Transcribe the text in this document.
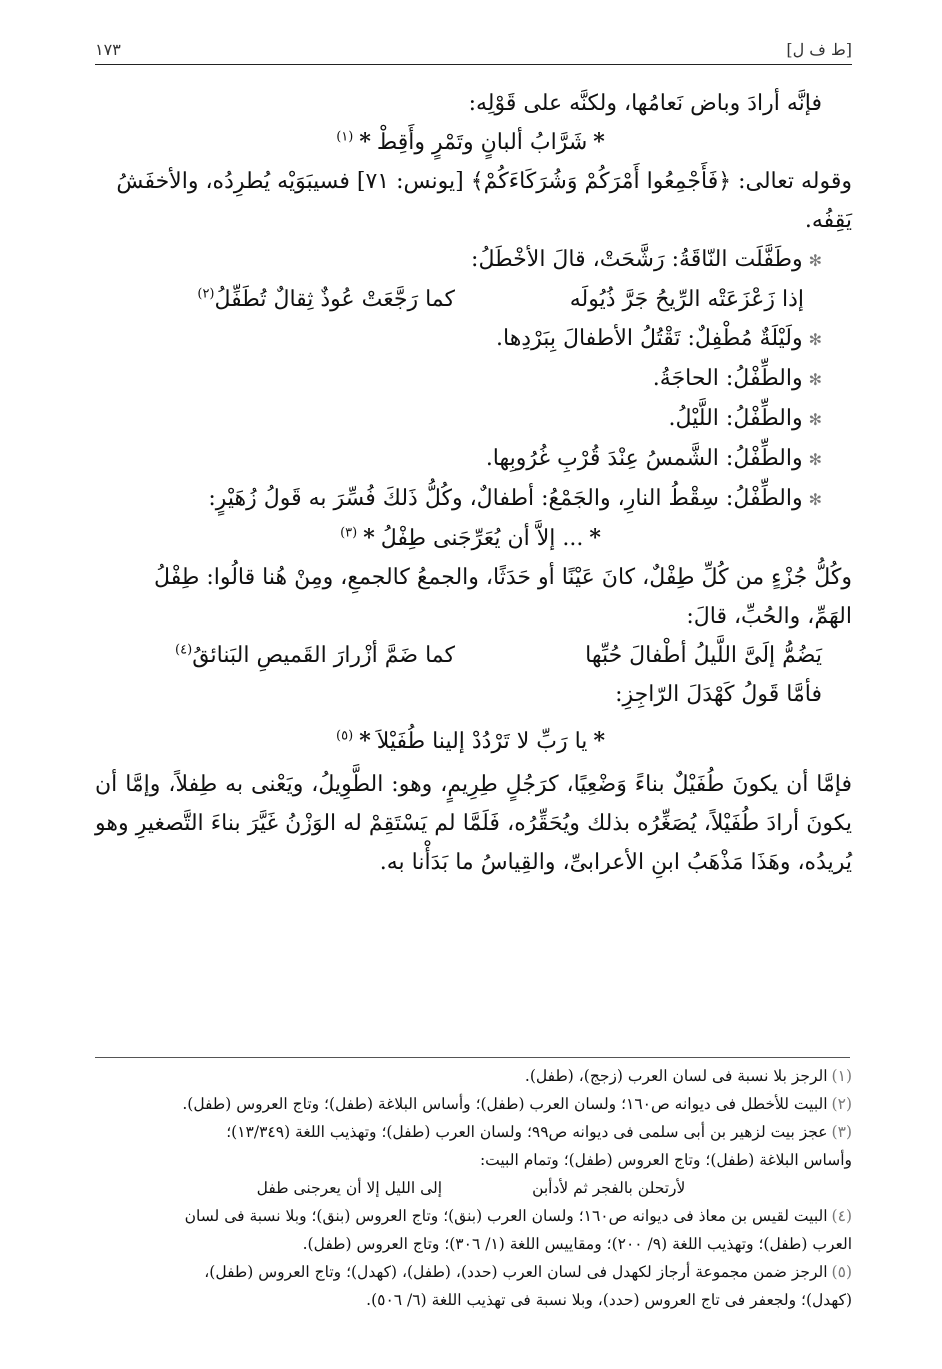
١٧٣	[ط ف ل]
فإنَّه أرادَ وباض نَعامُها، ولكنَّه على قَوْلِه:
*شَرَّابُ ألبانٍ وتَمْرٍ وأَقِطْ*$^{(١)}$
وقوله تعالى: ﴿فَأَجْمِعُوا أَمْرَكُمْ وَشُرَكَاءَكُمْ﴾ [يونس: ٧١] فسيبَوَيْه يُطرِدُه، والأخفَشُ
يَقِفُه.
✻وطَفَّلَت النّاقَةُ: رَشَّحَتْ، قالَ الأخْطَلُ:
إذا زَعْزَعَتْه الرِّيحُ جَرَّ ذُيُولَه
كما رَجَّعَتْ عُوذٌ ثِقالٌ تُطَفِّلُ$^{(٢)}$
✻ولَيْلَةٌ مُطْفِلٌ: تَقْتُلُ الأطفالَ بِبَرْدِها.
✻والطِّفْلُ: الحاجَةُ.
✻والطِّفْلُ: اللَّيْلُ.
✻والطِّفْلُ: الشَّمسُ عِنْدَ قُرْبِ غُرُوبِها.
✻والطِّفْلُ: سِقْطُ النارِ، والجَمْعُ: أطفالٌ، وكُلُّ ذَلكَ فُسِّرَ به قَولُ زُهَيْرٍ:
*... إلاَّ أن يُعَرِّجَنى طِفْلُ*$^{(٣)}$
وكُلُّ جُزْءٍ من كُلِّ طِفْلٌ، كانَ عَيْنًا أو حَدَثًا، والجمعُ كالجمعِ، ومِنْ هُنا قالُوا: طِفْلُ
الهَمِّ، والحُبِّ، قالَ:
يَضُمُّ إلَىَّ اللَّيلُ أطْفالَ حُبِّها
كما ضَمَّ أزْرارَ القَميصِ البَنائقُ$^{(٤)}$
فأمَّا قَولُ كَهْدَلَ الرّاجِزِ:
*يا رَبِّ لا تَرْدُدْ إلينا طُفَيْلاَ*$^{(٥)}$

فإمَّا أن يكونَ طُفَيْلٌ بناءً وَضْعِيًا، كرَجُلٍ طِرِيمٍ، وهو: الطَّوِيلُ، ويَعْنى به طِفلاً، وإمَّا أن يكونَ أرادَ طُفَيْلاً، يُصَغِّرُه بذلك ويُحَقِّرُه، فَلَمَّا لم يَسْتَقِمْ له الوَزْنُ غَيَّرَ بناءَ التَّصغيرِ وهو يُريدُه، وهَذَا مَذْهَبُ ابنِ الأعرابىِّ، والقِياسُ ما بَدَأْنا به.

(١)الرجز بلا نسبة فى لسان العرب (زجج)، (طفل).

(٢)البيت للأخطل فى ديوانه ص١٦٠؛ ولسان العرب (طفل)؛ وأساس البلاغة (طفل)؛ وتاج العروس (طفل).

(٣)عجز بيت لزهير بن أبى سلمى فى ديوانه ص٩٩؛ ولسان العرب (طفل)؛ وتهذيب اللغة (١٣/٣٤٩)؛

وأساس البلاغة (طفل)؛ وتاج العروس (طفل)؛ وتمام البيت:

لأرتحلن بالفجر ثم لأدأبن
إلى الليل إلا أن يعرجنى طفل

(٤)البيت لقيس بن معاذ فى ديوانه ص١٦٠؛ ولسان العرب (بنق)؛ وتاج العروس (بنق)؛ وبلا نسبة فى لسان

العرب (طفل)؛ وتهذيب اللغة (٩/ ٢٠٠)؛ ومقاييس اللغة (١/ ٣٠٦)؛ وتاج العروس (طفل).

(٥)الرجز ضمن مجموعة أرجاز لكهدل فى لسان العرب (حدد)، (طفل)، (كهدل)؛ وتاج العروس (طفل)،

(كهدل)؛ ولجعفر فى تاج العروس (حدد)، وبلا نسبة فى تهذيب اللغة (٦/ ٥٠٦).
